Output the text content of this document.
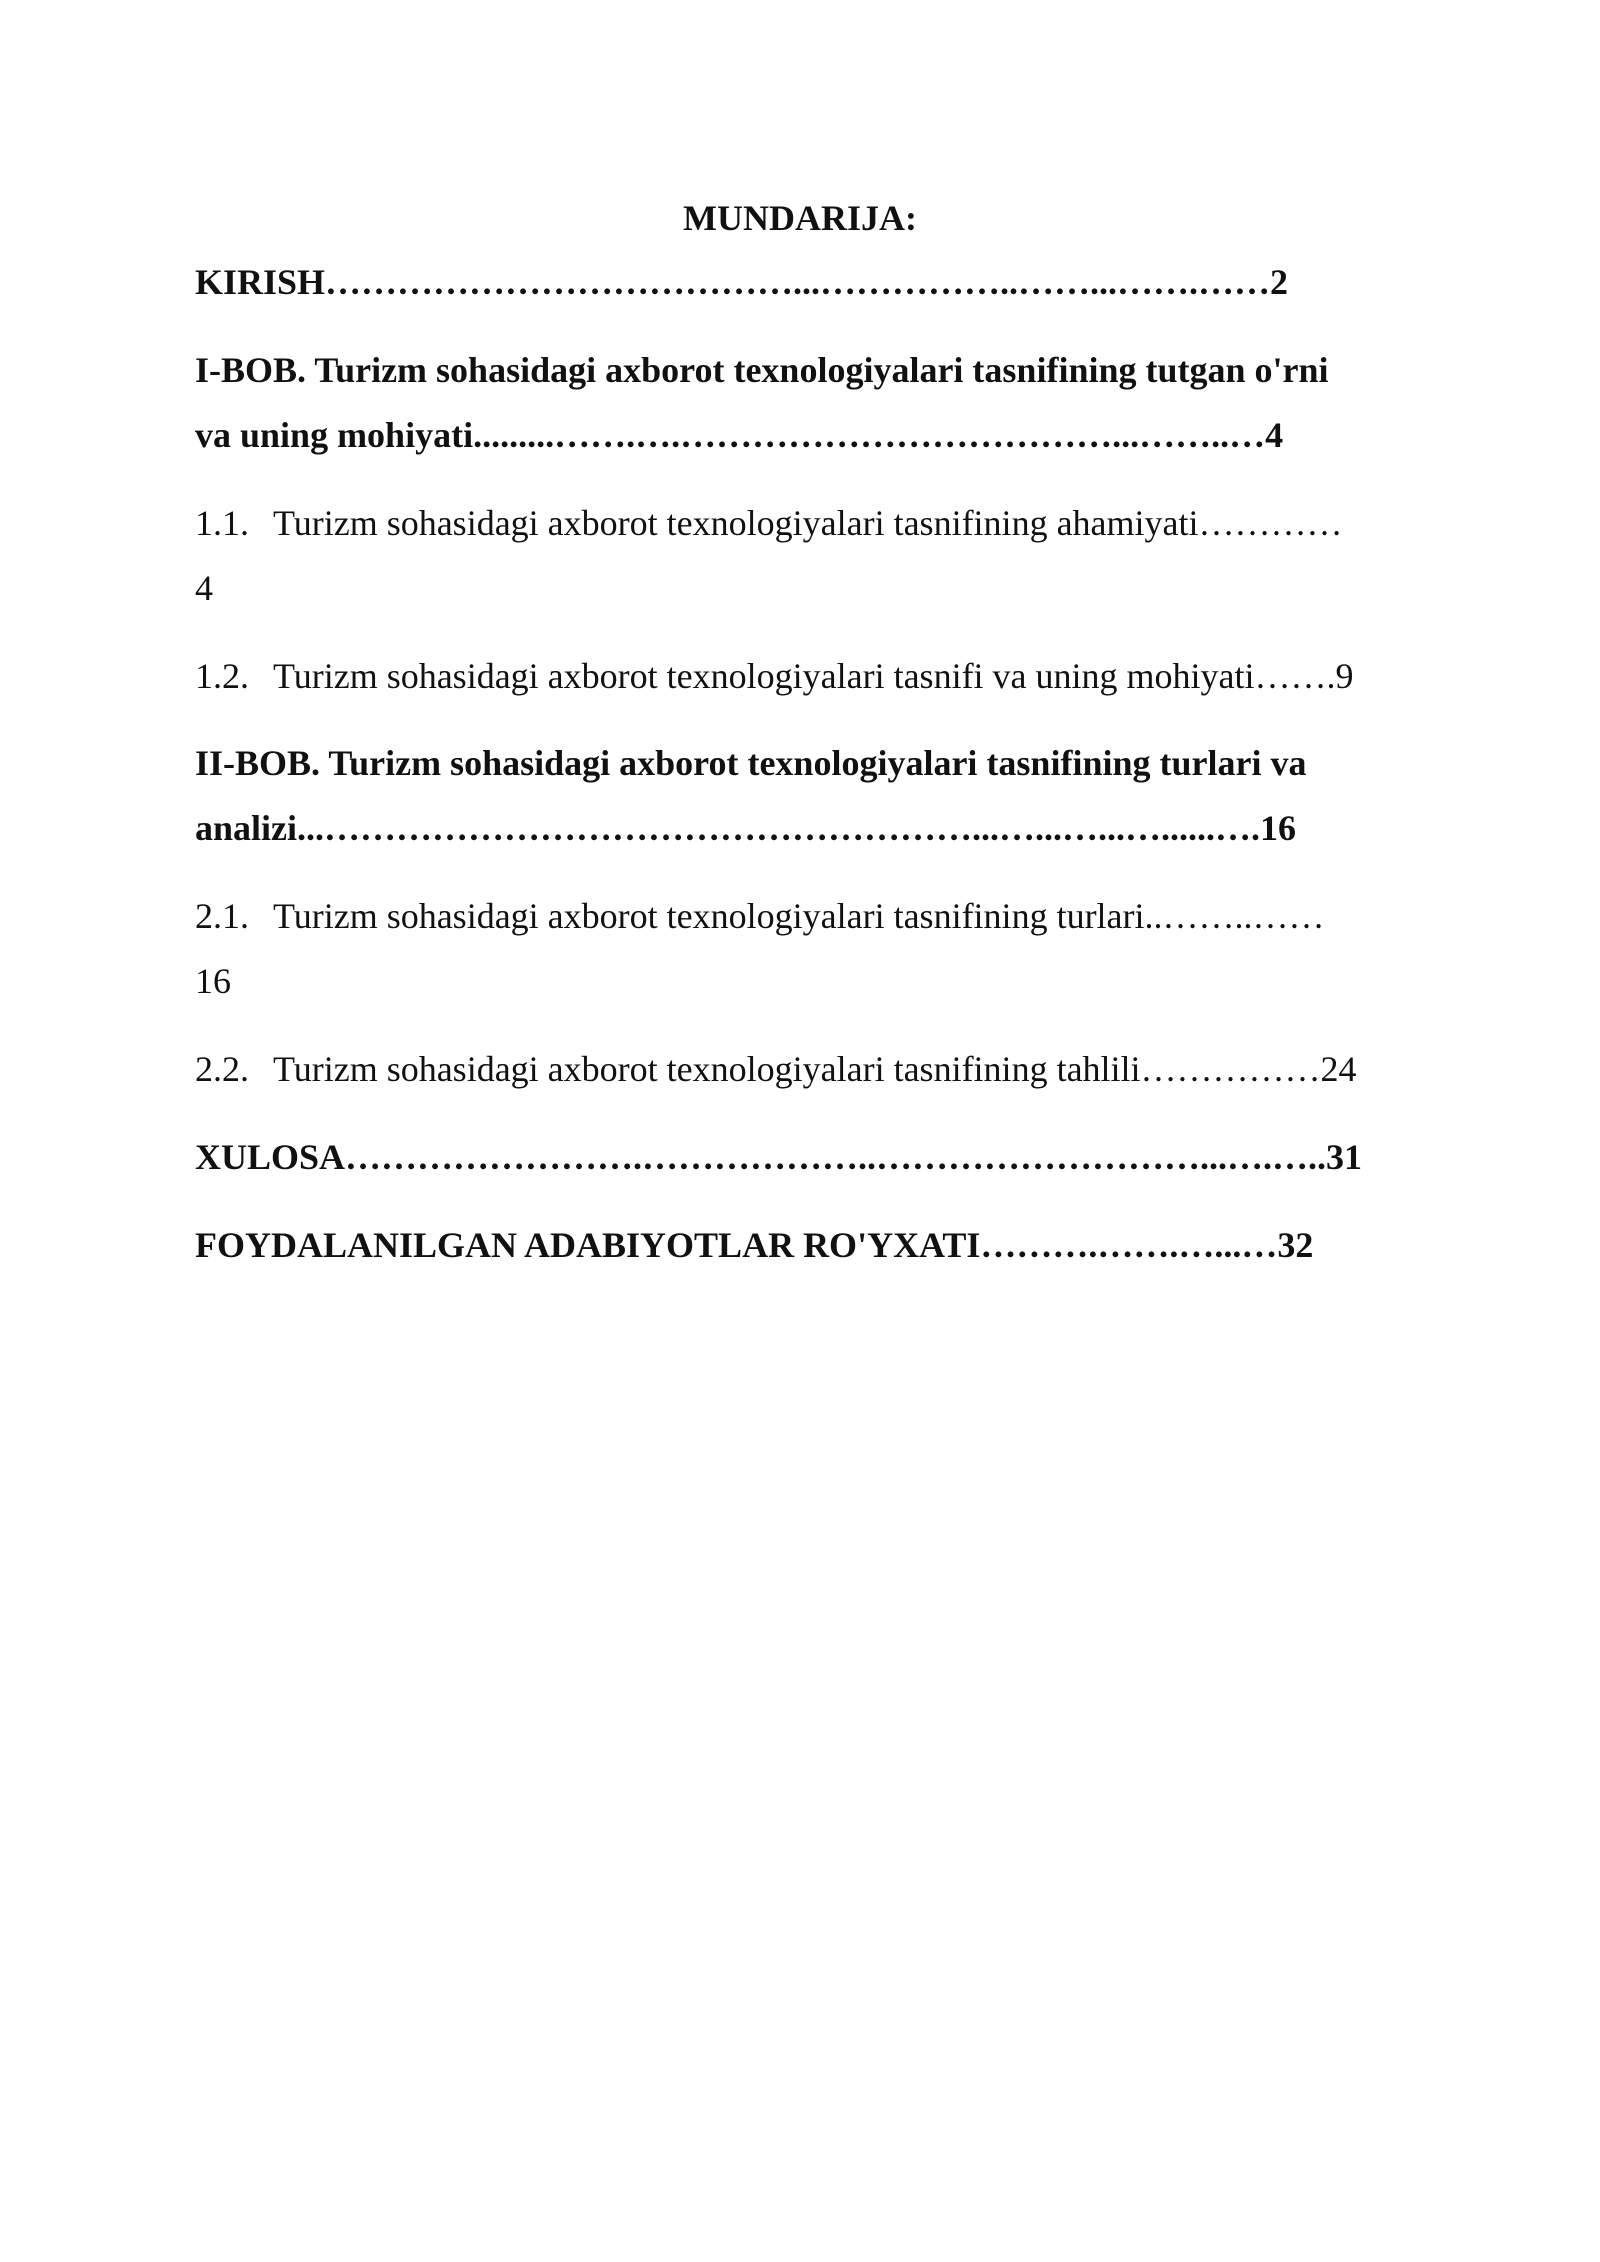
MUNDARIJA:

KIRISH…………………………………...……………..……...…….……2

I-BOB. Turizm sohasidagi axborot texnologiyalari tasnifining tutgan o'rni

va uning mohiyati.........…….….………………………………...……..…4

1.1. Turizm sohasidagi axborot texnologiyalari tasnifining ahamiyati…………

4

1.2. Turizm sohasidagi axborot texnologiyalari tasnifi va uning mohiyati…….9

II-BOB. Turizm sohasidagi axborot texnologiyalari tasnifining turlari va

analizi...………………………………………………...…...…...…......….16

2.1. Turizm sohasidagi axborot texnologiyalari tasnifining turlari..……..……

16

2.2. Turizm sohasidagi axborot texnologiyalari tasnifining tahlili……………24

XULOSA…………………….………………..………………………...….…..31

FOYDALANILGAN ADABIYOTLAR RO'YXATI……….…….…...…32
